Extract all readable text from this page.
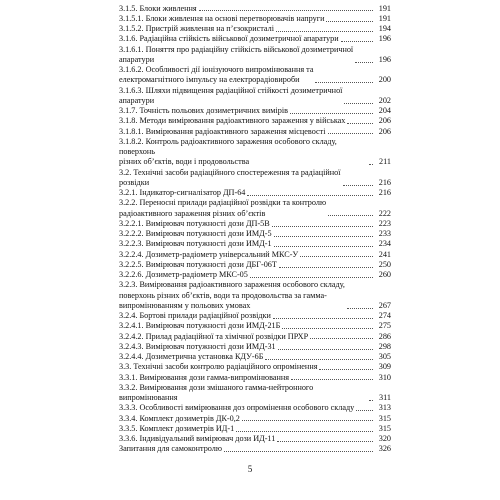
3.1.5. Блоки живлення	191
3.1.5.1. Блоки живлення на основі перетворювачів напруги	191
3.1.5.2. Пристрій живлення на п’єзокристалі	194
3.1.6. Радіаційна стійкість військової дозиметричної апаратури	196
3.1.6.1. Поняття про радіаційну стійкість військової дозиметричної
апаратури	196
3.1.6.2. Особливості дії іонізуючого випромінювання та
електромагнітного імпульсу на електрорадіовироби	200
3.1.6.3. Шляхи підвищення радіаційної стійкості дозиметричної
апаратури	202
3.1.7. Точність польових дозиметричних вимірів	204
3.1.8. Методи вимірювання радіоактивного зараження у військах	206
3.1.8.1. Вимірювання радіоактивного зараження місцевості	206
3.1.8.2. Контроль радіоактивного зараження особового складу, поверхонь
різних об’єктів, води і продовольства	211
3.2. Технічні засоби радіаційного спостереження та радіаційної
розвідки	216
3.2.1. Індикатор-сигналізатор ДП-64	216
3.2.2. Переносні прилади радіаційної розвідки та контролю
радіоактивного зараження різних об’єктів	222
3.2.2.1. Вимірювач потужності дози ДП-5В	223
3.2.2.2. Вимірювач потужності дози ИМД-5	233
3.2.2.3. Вимірювач потужності дози ИМД-1	234
3.2.2.4. Дозиметр-радіометр універсальний МКС-У	241
3.2.2.5. Вимірювач потужності дози ДБГ-06Т	250
3.2.2.6. Дозиметр-радіометр МКС-05	260
3.2.3. Вимірювання радіоактивного зараження особового складу,
поверхонь різних об’єктів, води та продовольства за гамма-
випромінюванням у польових умовах	267
3.2.4. Бортові прилади радіаційної розвідки	274
3.2.4.1. Вимірювач потужності дози ИМД-21Б	275
3.2.4.2. Прилад радіаційної та хімічної розвідки ПРХР	286
3.2.4.3. Вимірювач потужності дози ИМД-31	298
3.2.4.4. Дозиметрична установка КДУ-6Б	305
3.3. Технічні засоби контролю радіаційного опромінення	309
3.3.1. Вимірювання дози гамма-випромінювання	310
3.3.2. Вимірювання дози змішаного гамма-нейтронного випромінювання	311
3.3.3. Особливості вимірювання доз опромінення особового складу	313
3.3.4. Комплект дозиметрів ДК-0,2	315
3.3.5. Комплект дозиметрів ИД-1	315
3.3.6. Індивідуальний вимірювач дози ИД-11	320
Запитання для самоконтролю	326
5
